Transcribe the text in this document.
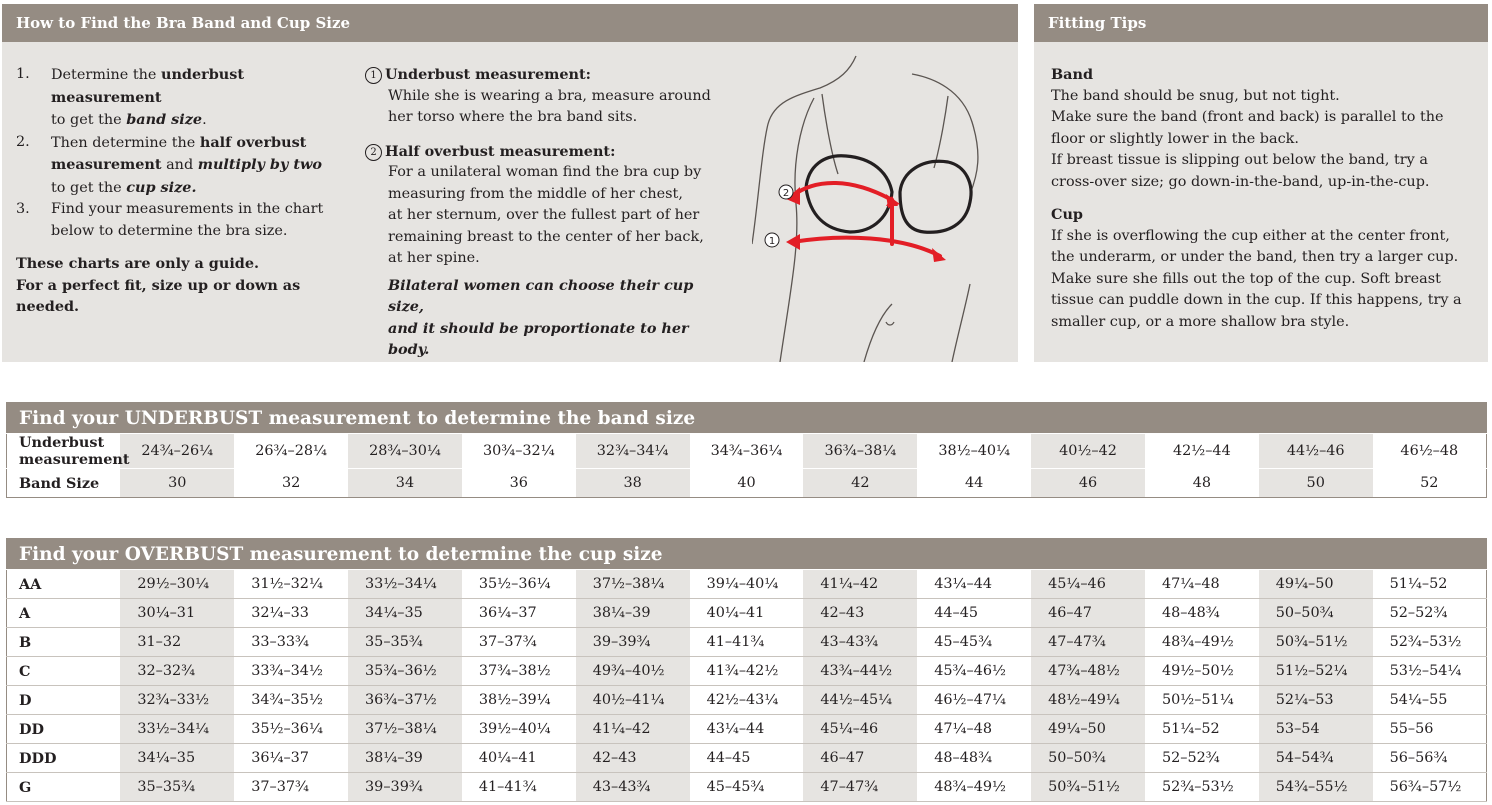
How to Find the Bra Band and Cup Size
1. Determine the underbust measurement
to get the band size.
2. Then determine the half overbust
measurement and multiply by two
to get the cup size.
3. Find your measurements in the chart
below to determine the bra size.
These charts are only a guide.
For a perfect fit, size up or down as needed.
1 Underbust measurement:
While she is wearing a bra, measure around
her torso where the bra band sits.
2 Half overbust measurement:
For a unilateral woman find the bra cup by
measuring from the middle of her chest,
at her sternum, over the fullest part of her
remaining breast to the center of her back,
at her spine.
Bilateral women can choose their cup size,
and it should be proportionate to her body.
2
1
Fitting Tips
Band
The band should be snug, but not tight.
Make sure the band (front and back) is parallel to the
floor or slightly lower in the back.
If breast tissue is slipping out below the band, try a
cross-over size; go down-in-the-band, up-in-the-cup.
Cup
If she is overflowing the cup either at the center front,
the underarm, or under the band, then try a larger cup.
Make sure she fills out the top of the cup. Soft breast
tissue can puddle down in the cup. If this happens, try a
smaller cup, or a more shallow bra style.
Find your UNDERBUST measurement to determine the band size												
Underbust measurement	24¾–26¼	26¾–28¼	28¾–30¼	30¾–32¼	32¾–34¼	34¾–36¼	36¾–38¼	38½–40¼	40½–42	42½–44	44½–46	46½–48
Band Size	30	32	34	36	38	40	42	44	46	48	50	52
Find your OVERBUST measurement to determine the cup size												
AA	29½–30¼	31½–32¼	33½–34¼	35½–36¼	37½–38¼	39¼–40¼	41¼–42	43¼–44	45¼–46	47¼–48	49¼–50	51¼–52
A	30¼–31	32¼–33	34¼–35	36¼–37	38¼–39	40¼–41	42–43	44–45	46–47	48–48¾	50–50¾	52–52¾
B	31–32	33–33¾	35–35¾	37–37¾	39–39¾	41–41¾	43–43¾	45–45¾	47–47¾	48¾–49½	50¾–51½	52¾–53½
C	32–32¾	33¾–34½	35¾–36½	37¾–38½	49¾–40½	41¾–42½	43¾–44½	45¾–46½	47¾–48½	49½–50½	51½–52¼	53½–54¼
D	32¾–33½	34¾–35½	36¾–37½	38½–39¼	40½–41¼	42½–43¼	44½–45¼	46½–47¼	48½–49¼	50½–51¼	52¼–53	54¼–55
DD	33½–34¼	35½–36¼	37½–38¼	39½–40¼	41¼–42	43¼–44	45¼–46	47¼–48	49¼–50	51¼–52	53–54	55–56
DDD	34¼–35	36¼–37	38¼–39	40¼–41	42–43	44–45	46–47	48–48¾	50–50¾	52–52¾	54–54¾	56–56¾
G	35–35¾	37–37¾	39–39¾	41–41¾	43–43¾	45–45¾	47–47¾	48¾–49½	50¾–51½	52¾–53½	54¾–55½	56¾–57½
